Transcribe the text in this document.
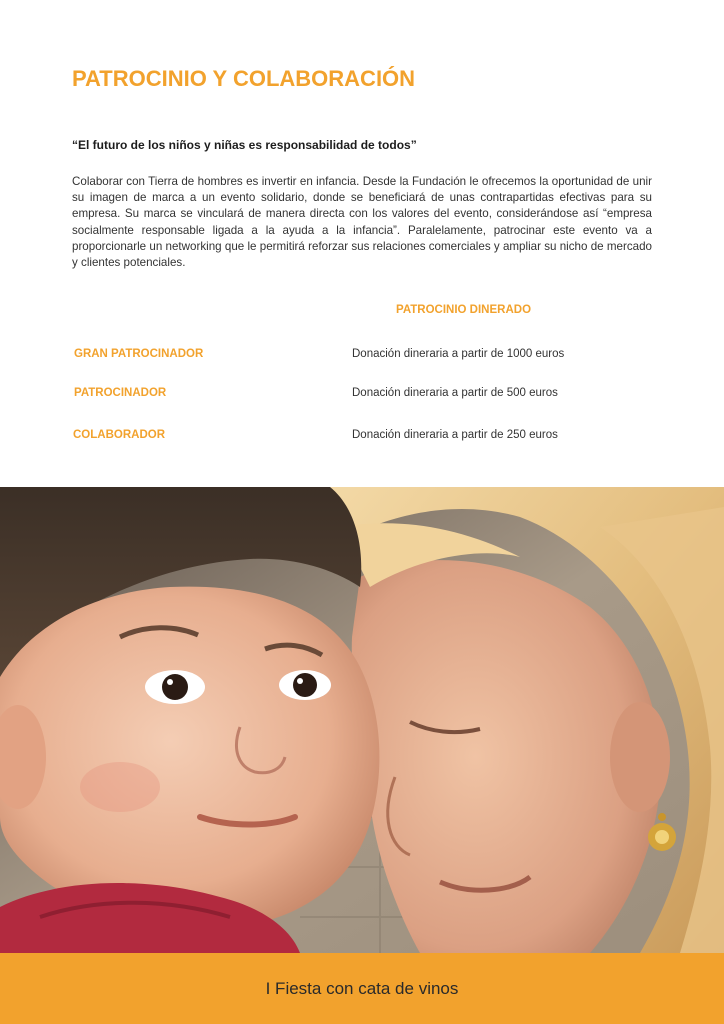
PATROCINIO Y COLABORACIÓN

“El futuro de los niños y niñas es responsabilidad de todos”

Colaborar con Tierra de hombres es invertir en infancia. Desde la Fundación le ofrecemos la oportunidad de unir su imagen de marca a un evento solidario, donde se beneficiará de unas contrapartidas efectivas para su empresa. Su marca se vinculará de manera directa con los valores del evento, considerándose así “empresa socialmente responsable ligada a la ayuda a la infancia”. Paralelamente, patrocinar este evento va a proporcionarle un networking que le permitirá reforzar sus relaciones comerciales y ampliar su nicho de mercado y clientes potenciales.

PATROCINIO DINERADO
GRAN PATROCINADOR	Donación dineraria a partir de 1000 euros
PATROCINADOR	Donación dineraria a partir de 500 euros
COLABORADOR	Donación dineraria a partir de 250 euros

I Fiesta con cata de vinos
